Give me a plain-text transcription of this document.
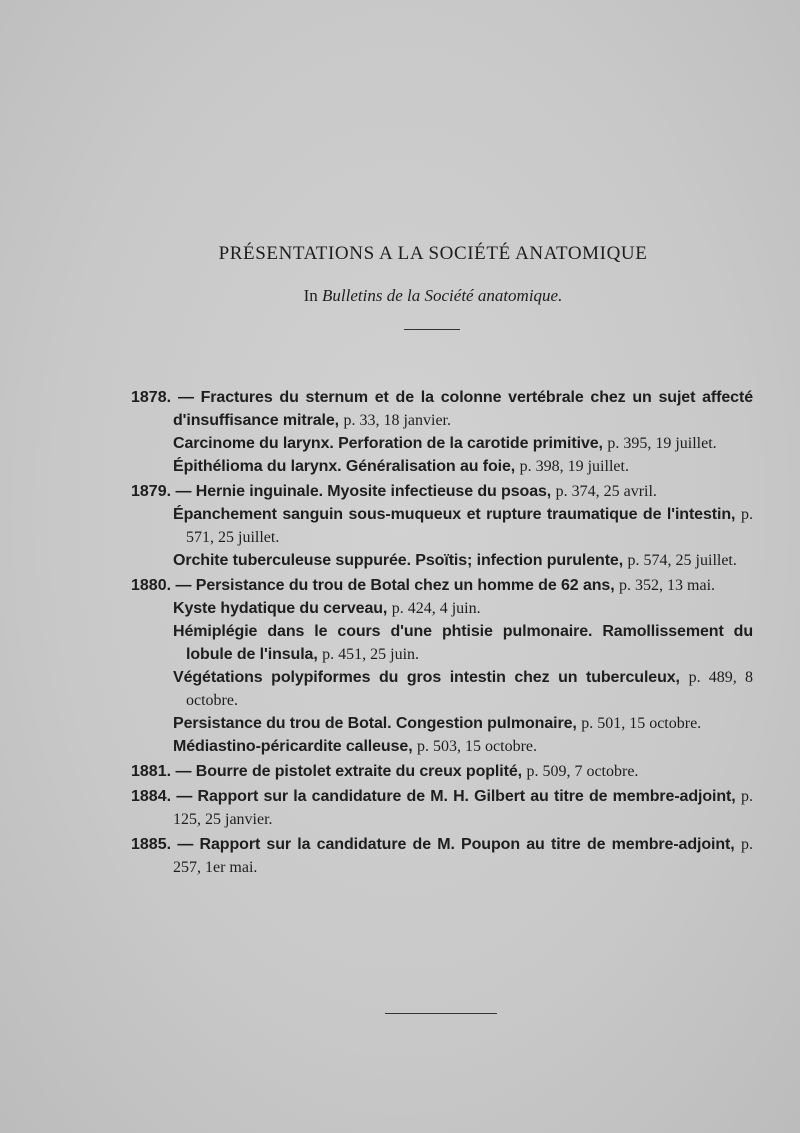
PRÉSENTATIONS A LA SOCIÉTÉ ANATOMIQUE
In Bulletins de la Société anatomique.
1878. — Fractures du sternum et de la colonne vertébrale chez un sujet affecté d'insuffisance mitrale, p. 33, 18 janvier.
Carcinome du larynx. Perforation de la carotide primitive, p. 395, 19 juillet.
Épithélioma du larynx. Généralisation au foie, p. 398, 19 juillet.
1879. — Hernie inguinale. Myosite infectieuse du psoas, p. 374, 25 avril.
Épanchement sanguin sous-muqueux et rupture traumatique de l'intestin, p. 571, 25 juillet.
Orchite tuberculeuse suppurée. Psoïtis; infection purulente, p. 574, 25 juillet.
1880. — Persistance du trou de Botal chez un homme de 62 ans, p. 352, 13 mai.
Kyste hydatique du cerveau, p. 424, 4 juin.
Hémiplégie dans le cours d'une phtisie pulmonaire. Ramollissement du lobule de l'insula, p. 451, 25 juin.
Végétations polypiformes du gros intestin chez un tuberculeux, p. 489, 8 octobre.
Persistance du trou de Botal. Congestion pulmonaire, p. 501, 15 octobre.
Médiastino-péricardite calleuse, p. 503, 15 octobre.
1881. — Bourre de pistolet extraite du creux poplité, p. 509, 7 octobre.
1884. — Rapport sur la candidature de M. H. Gilbert au titre de membre-adjoint, p. 125, 25 janvier.
1885. — Rapport sur la candidature de M. Poupon au titre de membre-adjoint, p. 257, 1er mai.
